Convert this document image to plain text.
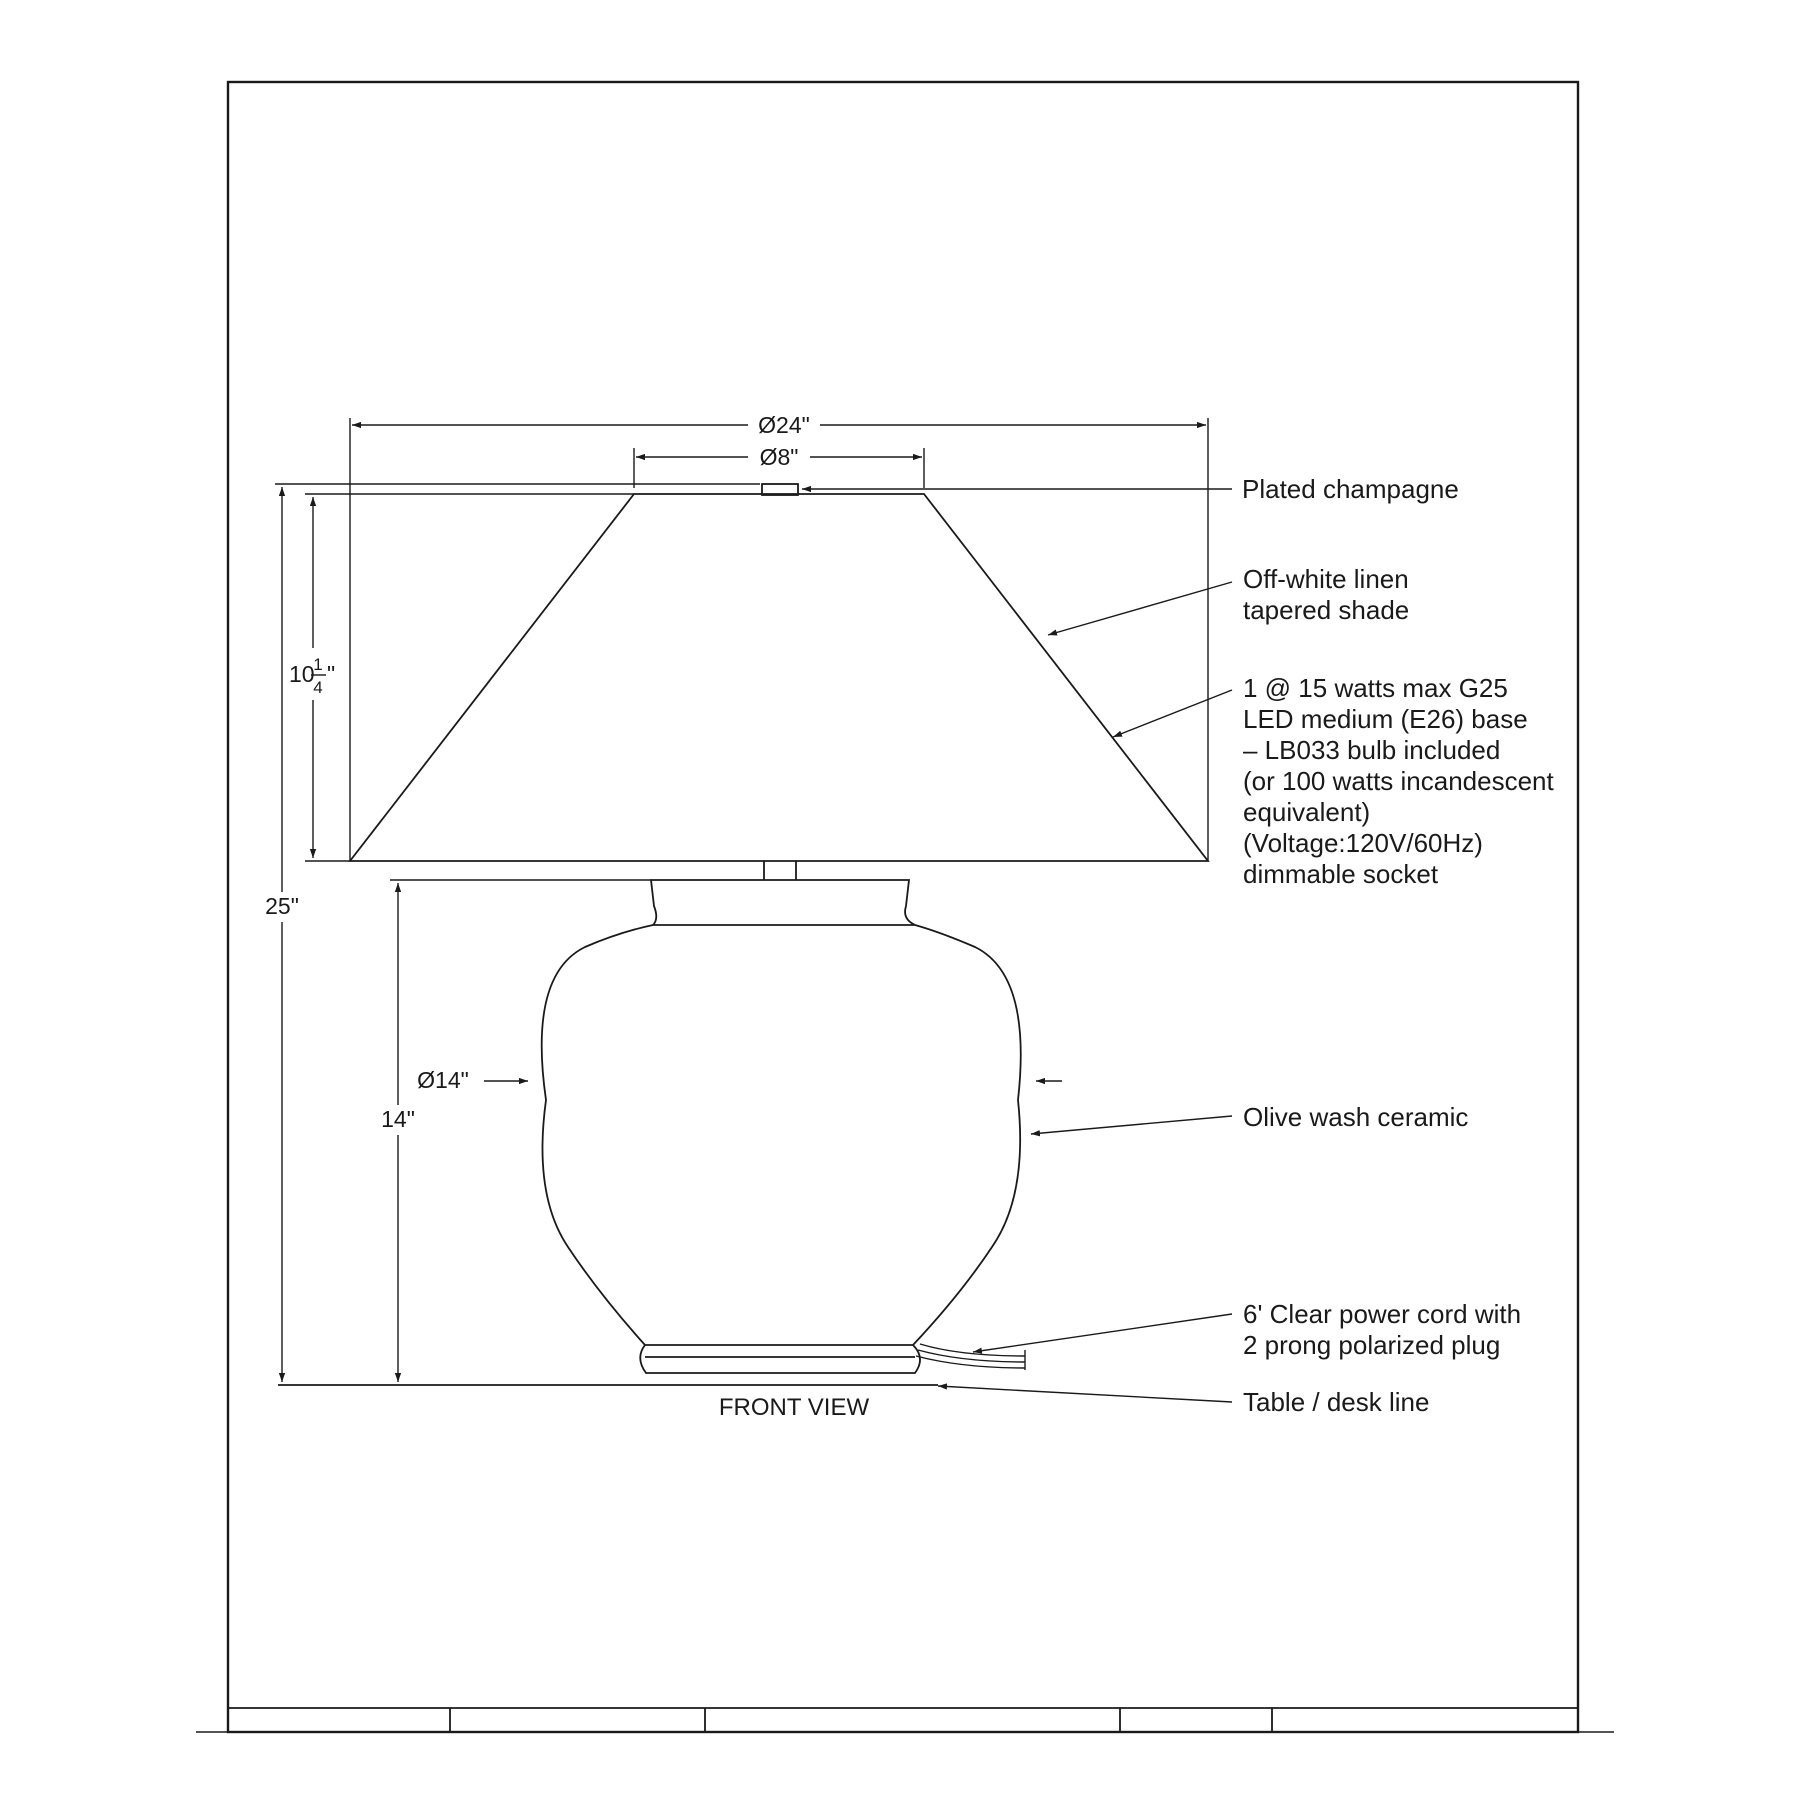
Ø24"
Ø8"
10
1
4
"
25"
14"
Ø14"
FRONT VIEW
Plated champagne
Off-white linen
tapered shade
1 @ 15 watts max G25
LED medium (E26) base
– LB033 bulb included
(or 100 watts incandescent
equivalent)
(Voltage:120V/60Hz)
dimmable socket
Olive wash ceramic
6' Clear power cord with
2 prong polarized plug
Table / desk line
